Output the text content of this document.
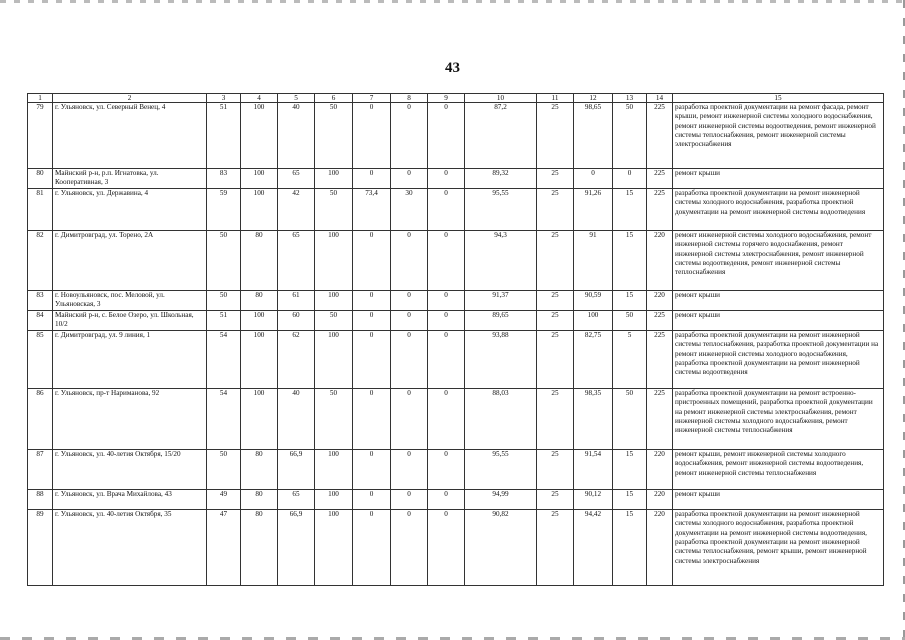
43
1	2	3	4	5	6	7	8	9	10	11	12	13	14	15
79	г. Ульяновск, ул. Северный Венец, 4	51	100	40	50	0	0	0	87,2	25	98,65	50	225	разработка проектной документации на ремонт фасада, ремонт крыши, ремонт инженерной системы холодного водоснабжения, ремонт инженерной системы водоотведения, ремонт инженерной системы теплоснабжения, ремонт инженерной системы электроснабжения
80	Майнский р-н, р.п. Игнатовка, ул. Кооперативная, 3	83	100	65	100	0	0	0	89,32	25	0	0	225	ремонт крыши
81	г. Ульяновск, ул. Державина, 4	59	100	42	50	73,4	30	0	95,55	25	91,26	15	225	разработка проектной документации на ремонт инженерной системы холодного водоснабжения, разработка проектной документации на ремонт инженерной системы водоотведения
82	г. Димитровград, ул. Торено, 2А	50	80	65	100	0	0	0	94,3	25	91	15	220	ремонт инженерной системы холодного водоснабжения, ремонт инженерной системы горячего водоснабжения, ремонт инженерной системы электроснабжения, ремонт инженерной системы водоотведения, ремонт инженерной системы теплоснабжения
83	г. Новоульяновск, пос. Меловой, ул. Ульяновская, 3	50	80	61	100	0	0	0	91,37	25	90,59	15	220	ремонт крыши
84	Майнский р-н, с. Белое Озеро, ул. Школьная, 10/2	51	100	60	50	0	0	0	89,65	25	100	50	225	ремонт крыши
85	г. Димитровград, ул. 9 линия, 1	54	100	62	100	0	0	0	93,88	25	82,75	5	225	разработка проектной документации на ремонт инженерной системы теплоснабжения, разработка проектной документации на ремонт инженерной системы холодного водоснабжения, разработка проектной документации на ремонт инженерной системы водоотведения
86	г. Ульяновск, пр-т Нариманова, 92	54	100	40	50	0	0	0	88,03	25	98,35	50	225	разработка проектной документации на ремонт встроенно-пристроенных помещений, разработка проектной документации на ремонт инженерной системы электроснабжения, ремонт инженерной системы холодного водоснабжения, ремонт инженерной системы теплоснабжения
87	г. Ульяновск, ул. 40-летия Октября, 15/20	50	80	66,9	100	0	0	0	95,55	25	91,54	15	220	ремонт крыши, ремонт инженерной системы холодного водоснабжения, ремонт инженерной системы водоотведения, ремонт инженерной системы теплоснабжения
88	г. Ульяновск, ул. Врача Михайлова, 43	49	80	65	100	0	0	0	94,99	25	90,12	15	220	ремонт крыши
89	г. Ульяновск, ул. 40-летия Октября, 35	47	80	66,9	100	0	0	0	90,82	25	94,42	15	220	разработка проектной документации на ремонт инженерной системы холодного водоснабжения, разработка проектной документации на ремонт инженерной системы водоотведения, разработка проектной документации на ремонт инженерной системы теплоснабжения, ремонт крыши, ремонт инженерной системы электроснабжения
